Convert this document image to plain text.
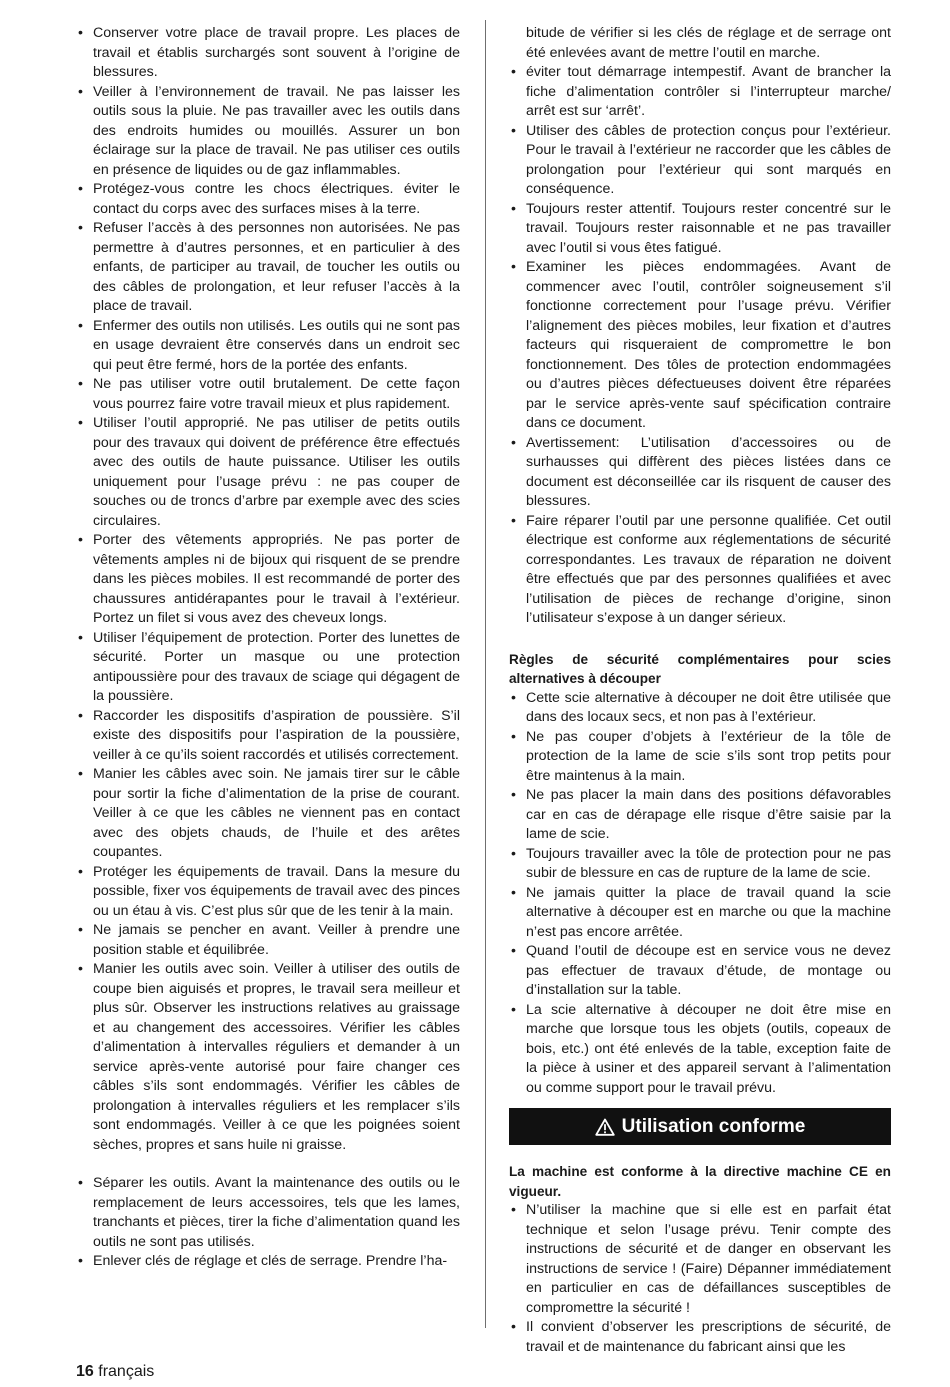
• Conserver votre place de travail propre. Les places de travail et établis surchargés sont souvent à l’origine de blessures.
• Veiller à l’environnement de travail. Ne pas laisser les outils sous la pluie. Ne pas travailler avec les outils dans des endroits humides ou mouillés. Assurer un bon éclairage sur la place de travail. Ne pas utiliser ces outils en présence de liquides ou de gaz inflammables.
• Protégez-vous contre les chocs électriques. éviter le contact du corps avec des surfaces mises à la terre.
• Refuser l’accès à des personnes non autorisées. Ne pas permettre à d’autres personnes, et en particulier à des enfants, de participer au travail, de toucher les outils ou des câbles de prolongation, et leur refuser l’accès à la place de travail.
• Enfermer des outils non utilisés. Les outils qui ne sont pas en usage devraient être conservés dans un endroit sec qui peut être fermé, hors de la portée des enfants.
• Ne pas utiliser votre outil brutalement. De cette façon vous pourrez faire votre travail mieux et plus rapidement.
• Utiliser l’outil approprié. Ne pas utiliser de petits outils pour des travaux qui doivent de préférence être effectués avec des outils de haute puissance. Utiliser les outils uniquement pour l’usage prévu : ne pas couper de souches ou de troncs d’arbre par exemple avec des scies circulaires.
• Porter des vêtements appropriés. Ne pas porter de vêtements amples ni de bijoux qui risquent de se prendre dans les pièces mobiles. Il est recommandé de porter des chaussures antidérapantes pour le travail à l’extérieur. Portez un filet si vous avez des cheveux longs.
• Utiliser l’équipement de protection. Porter des lunettes de sécurité. Porter un masque ou une protection antipoussière pour des travaux de sciage qui dégagent de la poussière.
• Raccorder les dispositifs d’aspiration de poussière. S’il existe des dispositifs pour l’aspiration de la poussière, veiller à ce qu’ils soient raccordés et utilisés correctement.
• Manier les câbles avec soin. Ne jamais tirer sur le câble pour sortir la fiche d’alimentation de la prise de courant. Veiller à ce que les câbles ne viennent pas en contact avec des objets chauds, de l’huile et des arêtes coupantes.
• Protéger les équipements de travail. Dans la mesure du possible, fixer vos équipements de travail avec des pinces ou un étau à vis. C’est plus sûr que de les tenir à la main.
• Ne jamais se pencher en avant. Veiller à prendre une position stable et équilibrée.
• Manier les outils avec soin. Veiller à utiliser des outils de coupe bien aiguisés et propres, le travail sera meilleur et plus sûr. Observer les instructions relatives au graissage et au changement des accessoires. Vérifier les câbles d’alimentation à intervalles réguliers et demander à un service après-vente autorisé pour faire changer ces câbles s’ils sont endommagés. Vérifier les câbles de prolongation à intervalles réguliers et les remplacer s’ils sont endommagés. Veiller à ce que les poignées soient sèches, propres et sans huile ni graisse.
• Séparer les outils. Avant la maintenance des outils ou le remplacement de leurs accessoires, tels que les lames, tranchants et pièces, tirer la fiche d’alimentation quand les outils ne sont pas utilisés.
• Enlever clés de réglage et clés de serrage. Prendre l’ha-

bitude de vérifier si les clés de réglage et de serrage ont été enlevées avant de mettre l’outil en marche.

• éviter tout démarrage intempestif. Avant de brancher la fiche d’alimentation contrôler si l’interrupteur marche/ arrêt est sur ‘arrêt’.
• Utiliser des câbles de protection conçus pour l’extérieur. Pour le travail à l’extérieur ne raccorder que les câbles de prolongation pour l’extérieur qui sont marqués en conséquence.
• Toujours rester attentif. Toujours rester concentré sur le travail. Toujours rester raisonnable et ne pas travailler avec l’outil si vous êtes fatigué.
• Examiner les pièces endommagées. Avant de commencer avec l’outil, contrôler soigneusement s’il fonctionne correctement pour l’usage prévu. Vérifier l’alignement des pièces mobiles, leur fixation et d’autres facteurs qui risqueraient de compromettre le bon fonctionnement. Des tôles de protection endommagées ou d’autres pièces défectueuses doivent être réparées par le service après-vente sauf spécification contraire dans ce document.
• Avertissement: L’utilisation d’accessoires ou de surhausses qui diffèrent des pièces listées dans ce document est déconseillée car ils risquent de causer des blessures.
• Faire réparer l’outil par une personne qualifiée. Cet outil électrique est conforme aux réglementations de sécurité correspondantes. Les travaux de réparation ne doivent être effectués que par des personnes qualifiées et avec l’utilisation de pièces de rechange d’origine, sinon l’utilisateur s’expose à un danger sérieux.

Règles de sécurité complémentaires pour scies alternatives à découper

• Cette scie alternative à découper ne doit être utilisée que dans des locaux secs, et non pas à l’extérieur.
• Ne pas couper d’objets à l’extérieur de la tôle de protection de la lame de scie s’ils sont trop petits pour être maintenus à la main.
• Ne pas placer la main dans des positions défavorables car en cas de dérapage elle risque d’être saisie par la lame de scie.
• Toujours travailler avec la tôle de protection pour ne pas subir de blessure en cas de rupture de la lame de scie.
• Ne jamais quitter la place de travail quand la scie alternative à découper est en marche ou que la machine n’est pas encore arrêtée.
• Quand l’outil de découpe est en service vous ne devez pas effectuer de travaux d’étude, de montage ou d’installation sur la table.
• La scie alternative à découper ne doit être mise en marche que lorsque tous les objets (outils, copeaux de bois, etc.) ont été enlevés de la table, exception faite de la pièce à usiner et des appareil servant à l’alimentation ou comme support pour le travail prévu.
Utilisation conforme

La machine est conforme à la directive machine CE en vigueur.

• N’utiliser la machine que si elle est en parfait état technique et selon l’usage prévu. Tenir compte des instructions de sécurité et de danger en observant les instructions de service ! (Faire) Dépanner immédiatement en particulier en cas de défaillances susceptibles de compromettre la sécurité !
• Il convient d’observer les prescriptions de sécurité, de travail et de maintenance du fabricant ainsi que les
16 français
